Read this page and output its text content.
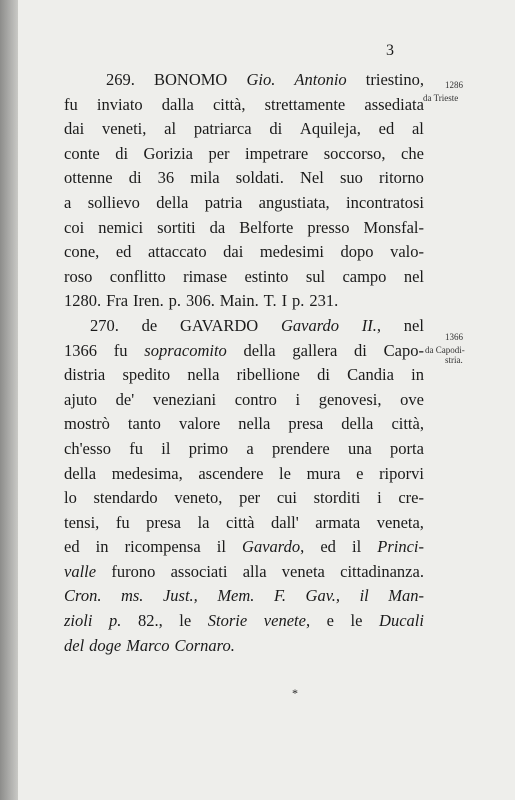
3
1286
da Trieste
1366
da Capodi-
stria.
269. BONOMO Gio. Antonio triestino,
fu inviato dalla città, strettamente assediata
dai veneti, al patriarca di Aquileja, ed al
conte di Gorizia per impetrare soccorso, che
ottenne di 36 mila soldati. Nel suo ritorno
a sollievo della patria angustiata, incontratosi
coi nemici sortiti da Belforte presso Monsfal-
cone, ed attaccato dai medesimi dopo valo-
roso conflitto rimase estinto sul campo nel
1280. Fra Iren. p. 306. Main. T. I p. 231.
270. de GAVARDO Gavardo II., nel
1366 fu sopracomito della gallera di Capo-
distria spedito nella ribellione di Candia in
ajuto de' veneziani contro i genovesi, ove
mostrò tanto valore nella presa della città,
ch'esso fu il primo a prendere una porta
della medesima, ascendere le mura e riporvi
lo stendardo veneto, per cui storditi i cre-
tensi, fu presa la città dall' armata veneta,
ed in ricompensa il Gavardo, ed il Princi-
valle furono associati alla veneta cittadinanza.
Cron. ms. Just., Mem. F. Gav., il Man-
zioli p. 82., le Storie venete, e le Ducali
del doge Marco Cornaro.
*
